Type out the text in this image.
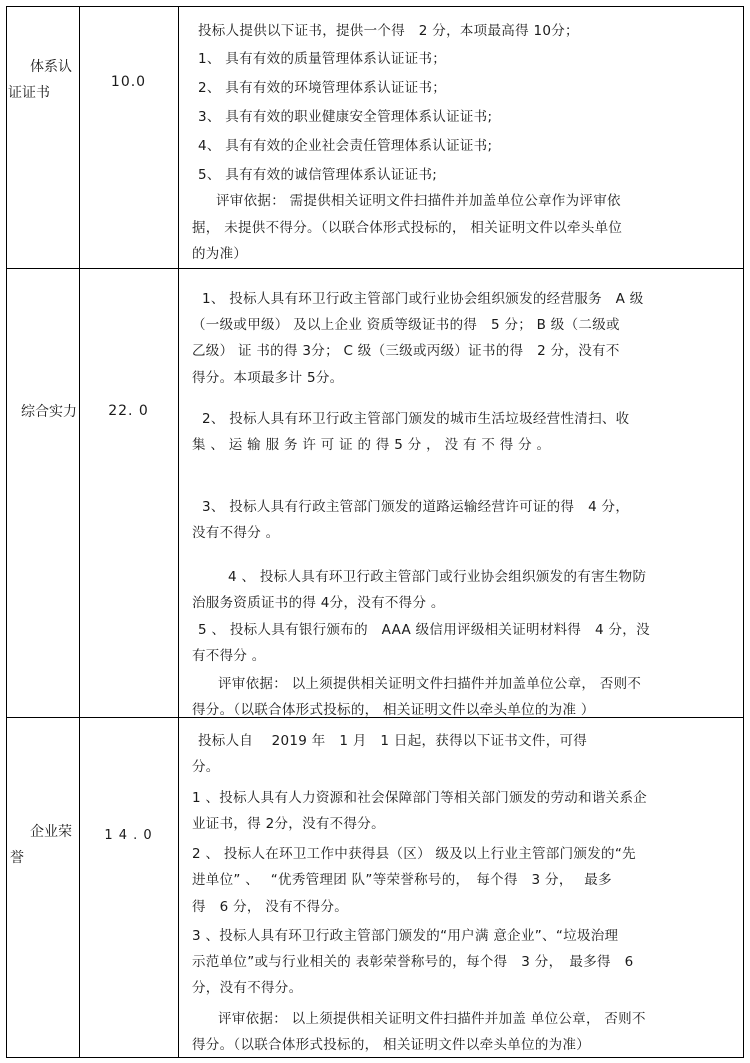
体系认
证证书
10.0
投标人提供以下证书，提供一个得　2 分，本项最高得 10分；
1、 具有有效的质量管理体系认证证书；
2、 具有有效的环境管理体系认证证书；
3、 具有有效的职业健康安全管理体系认证证书;
4、 具有有效的企业社会责任管理体系认证证书;
5、 具有有效的诚信管理体系认证证书;
评审依据： 需提供相关证明文件扫描件并加盖单位公章作为评审依
据， 未提供不得分。（以联合体形式投标的， 相关证明文件以牵头单位
的为准）
综合实力	22. 0
1、 投标人具有环卫行政主管部门或行业协会组织颁发的经营服务　A 级
（一级或甲级） 及以上企业 资质等级证书的得　5 分； B 级（二级或
乙级） 证 书的得 3分； C 级（三级或丙级）证书的得　2 分，没有不
得分。本项最多计 5分。
2、 投标人具有环卫行政主管部门颁发的城市生活垃圾经营性清扫、收
集 、 运 输 服 务 许 可 证 的 得 5 分 ， 没 有 不 得 分 。
3、 投标人具有行政主管部门颁发的道路运输经营许可证的得　4 分，
没有不得分 。
4 、 投标人具有环卫行政主管部门或行业协会组织颁发的有害生物防
治服务资质证书的得 4分，没有不得分 。
5 、 投标人具有银行颁布的　AAA 级信用评级相关证明材料得　4 分，没
有不得分 。
评审依据： 以上须提供相关证明文件扫描件并加盖单位公章， 否则不
得分。（以联合体形式投标的， 相关证明文件以牵头单位的为准 ）
企业荣
誉
1 4 . 0
投标人自　 2019 年　1 月　1 日起，获得以下证书文件，可得
分。
1 、投标人具有人力资源和社会保障部门等相关部门颁发的劳动和谐关系企
业证书，得 2分，没有不得分。
2 、 投标人在环卫工作中获得县（区） 级及以上行业主管部门颁发的“先
进单位” 、　 “优秀管理团 队”等荣誉称号的，　每个得　3 分，　 最多
得　6 分， 没有不得分。
3 、投标人具有环卫行政主管部门颁发的“用户满 意企业”、“垃圾治理
示范单位”或与行业相关的 表彰荣誉称号的，每个得　3 分，　最多得　6
分，没有不得分。
评审依据： 以上须提供相关证明文件扫描件并加盖 单位公章， 否则不
得分。（以联合体形式投标的， 相关证明文件以牵头单位的为准）
